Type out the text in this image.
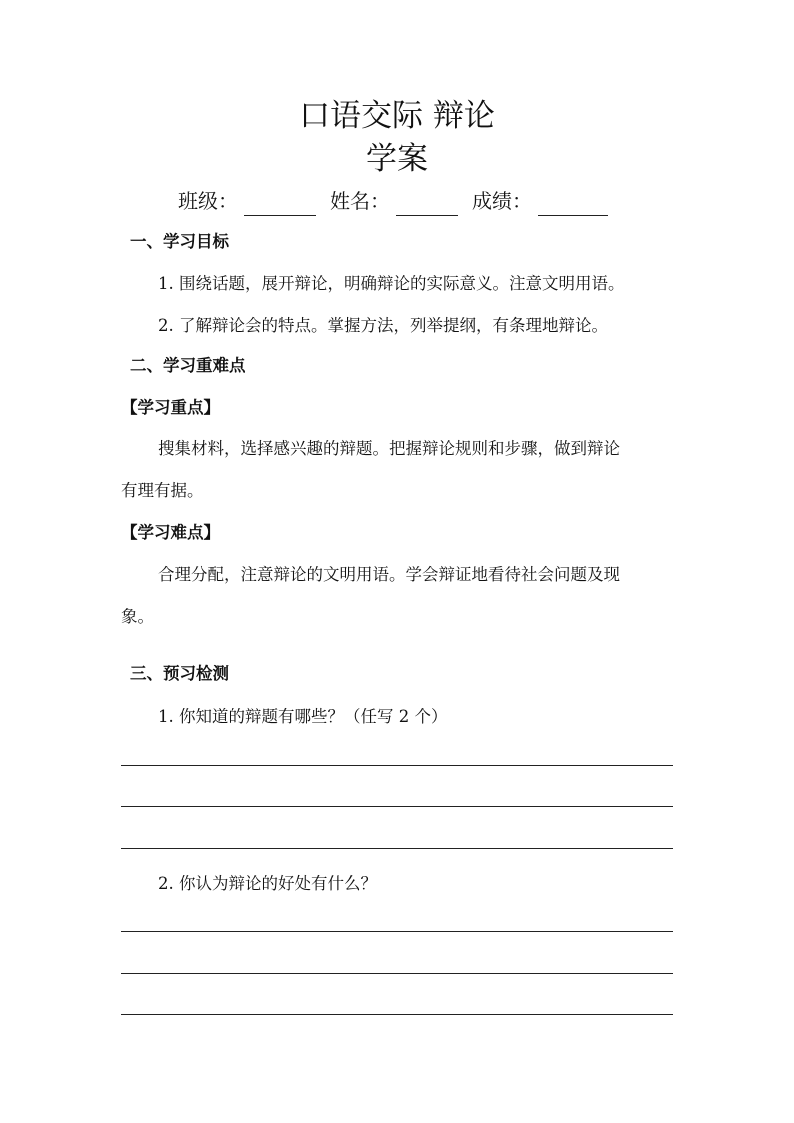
口语交际 辩论
学案
班级：	姓名：	成绩：
一、学习目标
1. 围绕话题，展开辩论，明确辩论的实际意义。注意文明用语。
2. 了解辩论会的特点。掌握方法，列举提纲，有条理地辩论。
二、学习重难点
【学习重点】
搜集材料，选择感兴趣的辩题。把握辩论规则和步骤，做到辩论
有理有据。
【学习难点】
合理分配，注意辩论的文明用语。学会辩证地看待社会问题及现
象。
三、预习检测
1. 你知道的辩题有哪些？（任写 2 个）
2. 你认为辩论的好处有什么？
